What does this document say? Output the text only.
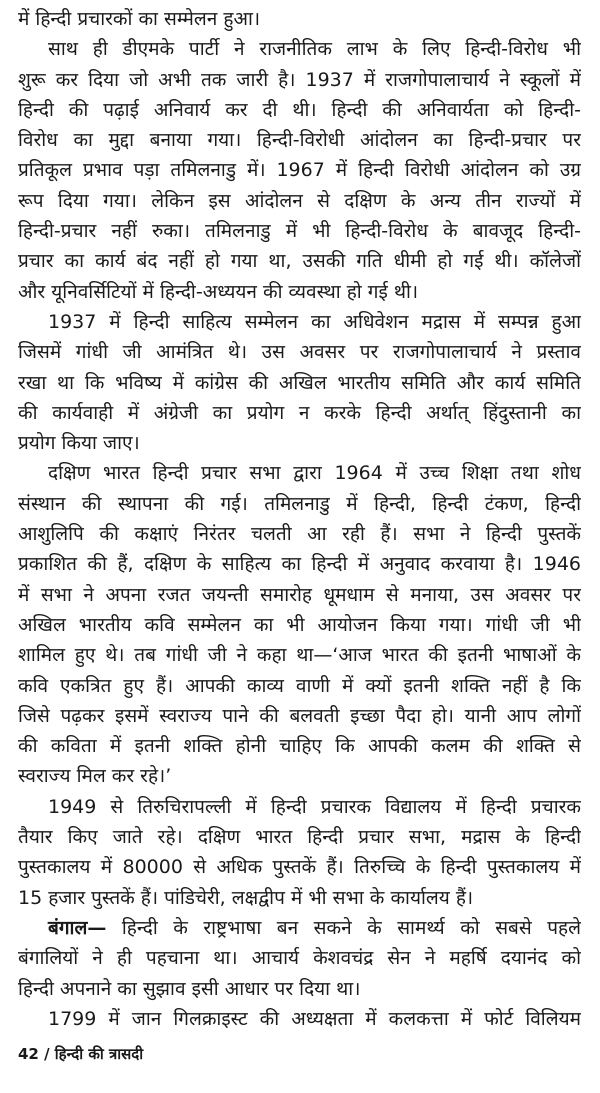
में हिन्दी प्रचारकों का सम्मेलन हुआ।
साथ ही डीएमके पार्टी ने राजनीतिक लाभ के लिए हिन्दी-विरोध भी
शुरू कर दिया जो अभी तक जारी है। 1937 में राजगोपालाचार्य ने स्कूलों में
हिन्दी की पढ़ाई अनिवार्य कर दी थी। हिन्दी की अनिवार्यता को हिन्दी-
विरोध का मुद्दा बनाया गया। हिन्दी-विरोधी आंदोलन का हिन्दी-प्रचार पर
प्रतिकूल प्रभाव पड़ा तमिलनाडु में। 1967 में हिन्दी विरोधी आंदोलन को उग्र
रूप दिया गया। लेकिन इस आंदोलन से दक्षिण के अन्य तीन राज्यों में
हिन्दी-प्रचार नहीं रुका। तमिलनाडु में भी हिन्दी-विरोध के बावजूद हिन्दी-
प्रचार का कार्य बंद नहीं हो गया था, उसकी गति धीमी हो गई थी। कॉलेजों
और यूनिवर्सिटियों में हिन्दी-अध्ययन की व्यवस्था हो गई थी।
1937 में हिन्दी साहित्य सम्मेलन का अधिवेशन मद्रास में सम्पन्न हुआ
जिसमें गांधी जी आमंत्रित थे। उस अवसर पर राजगोपालाचार्य ने प्रस्ताव
रखा था कि भविष्य में कांग्रेस की अखिल भारतीय समिति और कार्य समिति
की कार्यवाही में अंग्रेजी का प्रयोग न करके हिन्दी अर्थात् हिंदुस्तानी का
प्रयोग किया जाए।
दक्षिण भारत हिन्दी प्रचार सभा द्वारा 1964 में उच्च शिक्षा तथा शोध
संस्थान की स्थापना की गई। तमिलनाडु में हिन्दी, हिन्दी टंकण, हिन्दी
आशुलिपि की कक्षाएं निरंतर चलती आ रही हैं। सभा ने हिन्दी पुस्तकें
प्रकाशित की हैं, दक्षिण के साहित्य का हिन्दी में अनुवाद करवाया है। 1946
में सभा ने अपना रजत जयन्ती समारोह धूमधाम से मनाया, उस अवसर पर
अखिल भारतीय कवि सम्मेलन का भी आयोजन किया गया। गांधी जी भी
शामिल हुए थे। तब गांधी जी ने कहा था—‘आज भारत की इतनी भाषाओं के
कवि एकत्रित हुए हैं। आपकी काव्य वाणी में क्यों इतनी शक्ति नहीं है कि
जिसे पढ़कर इसमें स्वराज्य पाने की बलवती इच्छा पैदा हो। यानी आप लोगों
की कविता में इतनी शक्ति होनी चाहिए कि आपकी कलम की शक्ति से
स्वराज्य मिल कर रहे।’
1949 से तिरुचिरापल्ली में हिन्दी प्रचारक विद्यालय में हिन्दी प्रचारक
तैयार किए जाते रहे। दक्षिण भारत हिन्दी प्रचार सभा, मद्रास के हिन्दी
पुस्तकालय में 80000 से अधिक पुस्तकें हैं। तिरुच्चि के हिन्दी पुस्तकालय में
15 हजार पुस्तकें हैं। पांडिचेरी, लक्षद्वीप में भी सभा के कार्यालय हैं।
बंगाल— हिन्दी के राष्ट्रभाषा बन सकने के सामर्थ्य को सबसे पहले
बंगालियों ने ही पहचाना था। आचार्य केशवचंद्र सेन ने महर्षि दयानंद को
हिन्दी अपनाने का सुझाव इसी आधार पर दिया था।
1799 में जान गिलक्राइस्ट की अध्यक्षता में कलकत्ता में फोर्ट विलियम
42 / हिन्दी की त्रासदी
